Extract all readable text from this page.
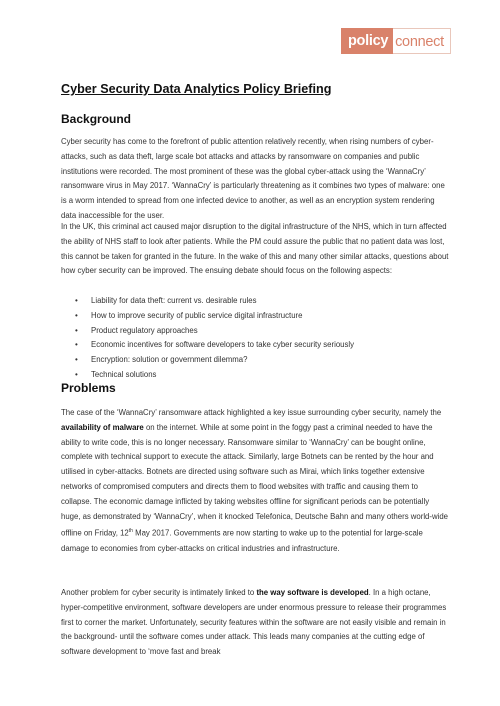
policy connect
Cyber Security Data Analytics Policy Briefing
Background
Cyber security has come to the forefront of public attention relatively recently, when rising numbers of cyber-attacks, such as data theft, large scale bot attacks and attacks by ransomware on companies and public institutions were recorded. The most prominent of these was the global cyber-attack using the ‘WannaCry’ ransomware virus in May 2017. ‘WannaCry’ is particularly threatening as it combines two types of malware: one is a worm intended to spread from one infected device to another, as well as an encryption system rendering data inaccessible for the user.
In the UK, this criminal act caused major disruption to the digital infrastructure of the NHS, which in turn affected the ability of NHS staff to look after patients. While the PM could assure the public that no patient data was lost, this cannot be taken for granted in the future. In the wake of this and many other similar attacks, questions about how cyber security can be improved. The ensuing debate should focus on the following aspects:
• Liability for data theft: current vs. desirable rules
• How to improve security of public service digital infrastructure
• Product regulatory approaches
• Economic incentives for software developers to take cyber security seriously
• Encryption: solution or government dilemma?
• Technical solutions
Problems
The case of the ‘WannaCry’ ransomware attack highlighted a key issue surrounding cyber security, namely the availability of malware on the internet. While at some point in the foggy past a criminal needed to have the ability to write code, this is no longer necessary. Ransomware similar to ‘WannaCry’ can be bought online, complete with technical support to execute the attack. Similarly, large Botnets can be rented by the hour and utilised in cyber-attacks. Botnets are directed using software such as Mirai, which links together extensive networks of compromised computers and directs them to flood websites with traffic and causing them to collapse. The economic damage inflicted by taking websites offline for significant periods can be potentially huge, as demonstrated by ‘WannaCry’, when it knocked Telefonica, Deutsche Bahn and many others world-wide offline on Friday, 12th May 2017. Governments are now starting to wake up to the potential for large-scale damage to economies from cyber-attacks on critical industries and infrastructure.
Another problem for cyber security is intimately linked to the way software is developed. In a high octane, hyper-competitive environment, software developers are under enormous pressure to release their programmes first to corner the market. Unfortunately, security features within the software are not easily visible and remain in the background- until the software comes under attack. This leads many companies at the cutting edge of software development to ‘move fast and break
